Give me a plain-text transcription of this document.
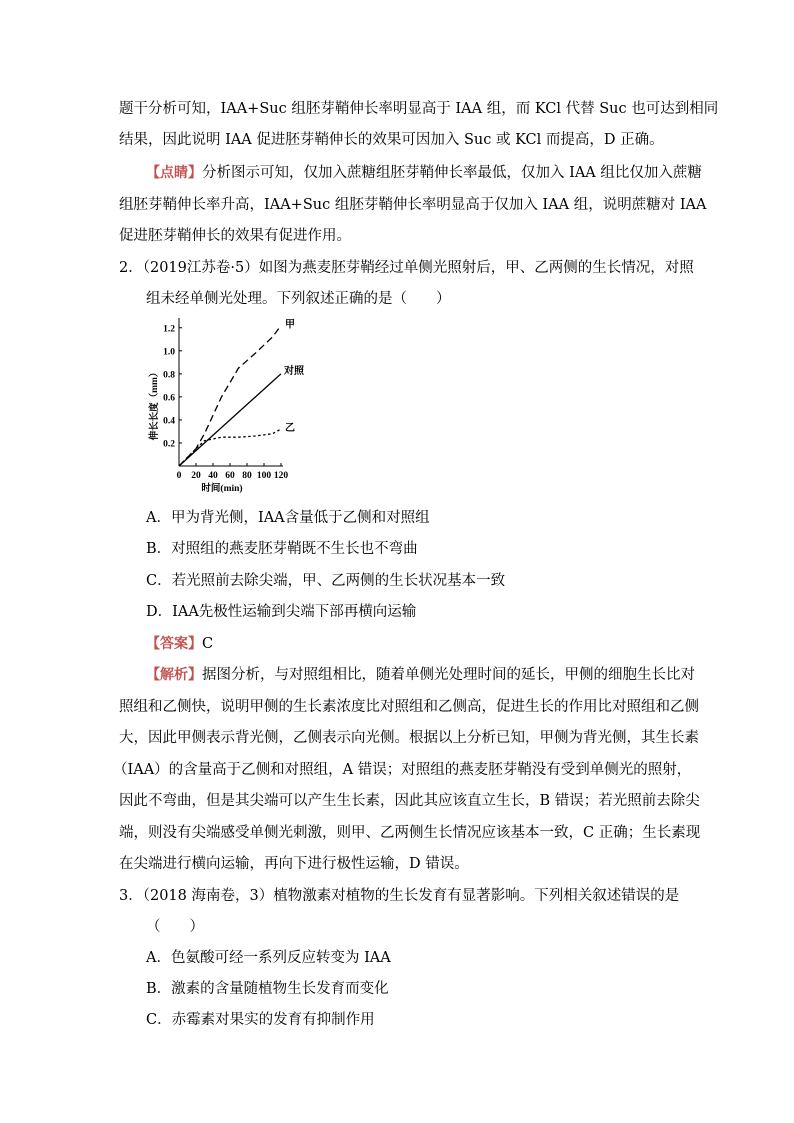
题干分析可知，IAA+Suc 组胚芽鞘伸长率明显高于 IAA 组，而 KCl 代替 Suc 也可达到相同
结果，因此说明 IAA 促进胚芽鞘伸长的效果可因加入 Suc 或 KCl 而提高，D 正确。
【点睛】分析图示可知，仅加入蔗糖组胚芽鞘伸长率最低，仅加入 IAA 组比仅加入蔗糖
组胚芽鞘伸长率升高，IAA+Suc 组胚芽鞘伸长率明显高于仅加入 IAA 组，说明蔗糖对 IAA
促进胚芽鞘伸长的效果有促进作用。
2．（2019江苏卷·5）如图为燕麦胚芽鞘经过单侧光照射后，甲、乙两侧的生长情况，对照
组未经单侧光处理。下列叙述正确的是（　　）
0 20 40 60 80 100 120
0.2
0.4
0.6
0.8
1.0
1.2
时间(min)
伸长长度（mm）
甲
对照
乙
A．甲为背光侧，IAA含量低于乙侧和对照组
B．对照组的燕麦胚芽鞘既不生长也不弯曲
C．若光照前去除尖端，甲、乙两侧的生长状况基本一致
D．IAA先极性运输到尖端下部再横向运输
【答案】C
【解析】据图分析，与对照组相比，随着单侧光处理时间的延长，甲侧的细胞生长比对
照组和乙侧快，说明甲侧的生长素浓度比对照组和乙侧高，促进生长的作用比对照组和乙侧
大，因此甲侧表示背光侧，乙侧表示向光侧。根据以上分析已知，甲侧为背光侧，其生长素
（IAA）的含量高于乙侧和对照组，A 错误；对照组的燕麦胚芽鞘没有受到单侧光的照射，
因此不弯曲，但是其尖端可以产生生长素，因此其应该直立生长，B 错误；若光照前去除尖
端，则没有尖端感受单侧光刺激，则甲、乙两侧生长情况应该基本一致，C 正确；生长素现
在尖端进行横向运输，再向下进行极性运输，D 错误。
3．（2018 海南卷，3）植物激素对植物的生长发育有显著影响。下列相关叙述错误的是
（　　）
A．色氨酸可经一系列反应转变为 IAA
B．激素的含量随植物生长发育而变化
C．赤霉素对果实的发育有抑制作用
